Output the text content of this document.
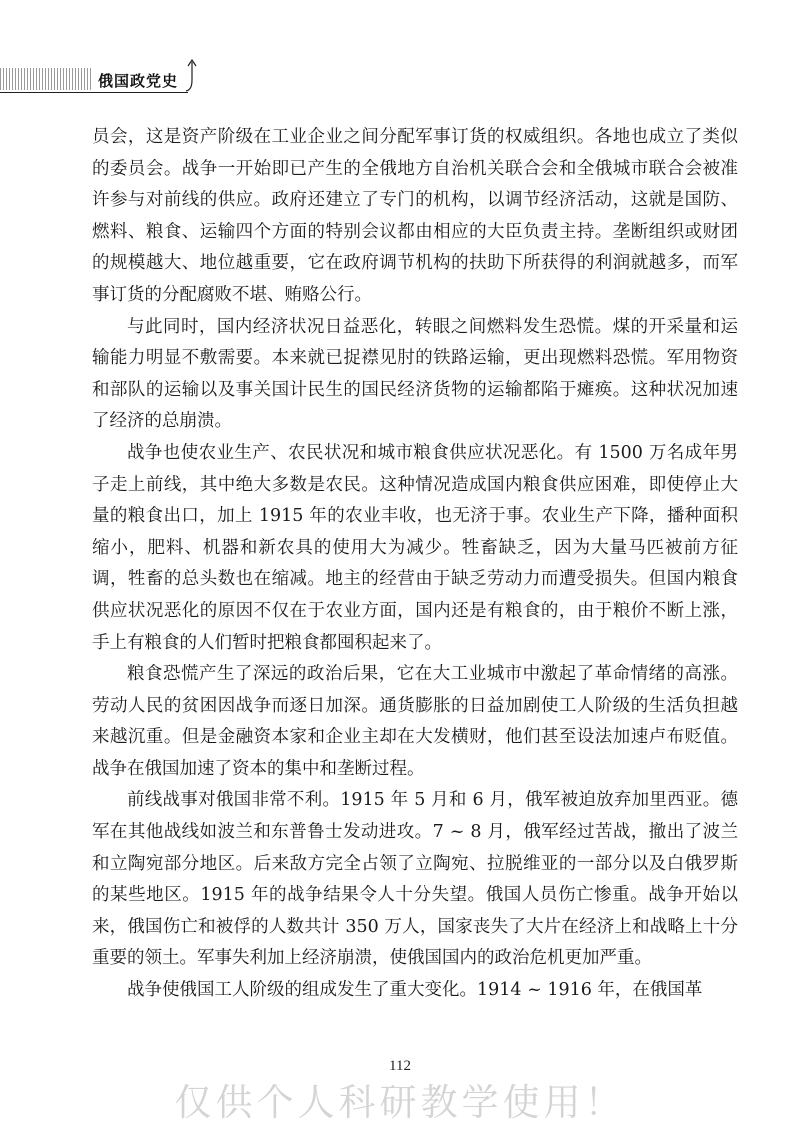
俄国政党史

员会，这是资产阶级在工业企业之间分配军事订货的权威组织。各地也成立了类似的委员会。战争一开始即已产生的全俄地方自治机关联合会和全俄城市联合会被准许参与对前线的供应。政府还建立了专门的机构，以调节经济活动，这就是国防、燃料、粮食、运输四个方面的特别会议都由相应的大臣负责主持。垄断组织或财团的规模越大、地位越重要，它在政府调节机构的扶助下所获得的利润就越多，而军事订货的分配腐败不堪、贿赂公行。

与此同时，国内经济状况日益恶化，转眼之间燃料发生恐慌。煤的开采量和运输能力明显不敷需要。本来就已捉襟见肘的铁路运输，更出现燃料恐慌。军用物资和部队的运输以及事关国计民生的国民经济货物的运输都陷于瘫痪。这种状况加速了经济的总崩溃。

战争也使农业生产、农民状况和城市粮食供应状况恶化。有 1500 万名成年男子走上前线，其中绝大多数是农民。这种情况造成国内粮食供应困难，即使停止大量的粮食出口，加上 1915 年的农业丰收，也无济于事。农业生产下降，播种面积缩小，肥料、机器和新农具的使用大为减少。牲畜缺乏，因为大量马匹被前方征调，牲畜的总头数也在缩减。地主的经营由于缺乏劳动力而遭受损失。但国内粮食供应状况恶化的原因不仅在于农业方面，国内还是有粮食的，由于粮价不断上涨，手上有粮食的人们暂时把粮食都囤积起来了。

粮食恐慌产生了深远的政治后果，它在大工业城市中激起了革命情绪的高涨。劳动人民的贫困因战争而逐日加深。通货膨胀的日益加剧使工人阶级的生活负担越来越沉重。但是金融资本家和企业主却在大发横财，他们甚至设法加速卢布贬值。战争在俄国加速了资本的集中和垄断过程。

前线战事对俄国非常不利。1915 年 5 月和 6 月，俄军被迫放弃加里西亚。德军在其他战线如波兰和东普鲁士发动进攻。7 ~ 8 月，俄军经过苦战，撤出了波兰和立陶宛部分地区。后来敌方完全占领了立陶宛、拉脱维亚的一部分以及白俄罗斯的某些地区。1915 年的战争结果令人十分失望。俄国人员伤亡惨重。战争开始以来，俄国伤亡和被俘的人数共计 350 万人，国家丧失了大片在经济上和战略上十分重要的领土。军事失利加上经济崩溃，使俄国国内的政治危机更加严重。

战争使俄国工人阶级的组成发生了重大变化。1914 ~ 1916 年，在俄国革

112
仅供个人科研教学使用！
